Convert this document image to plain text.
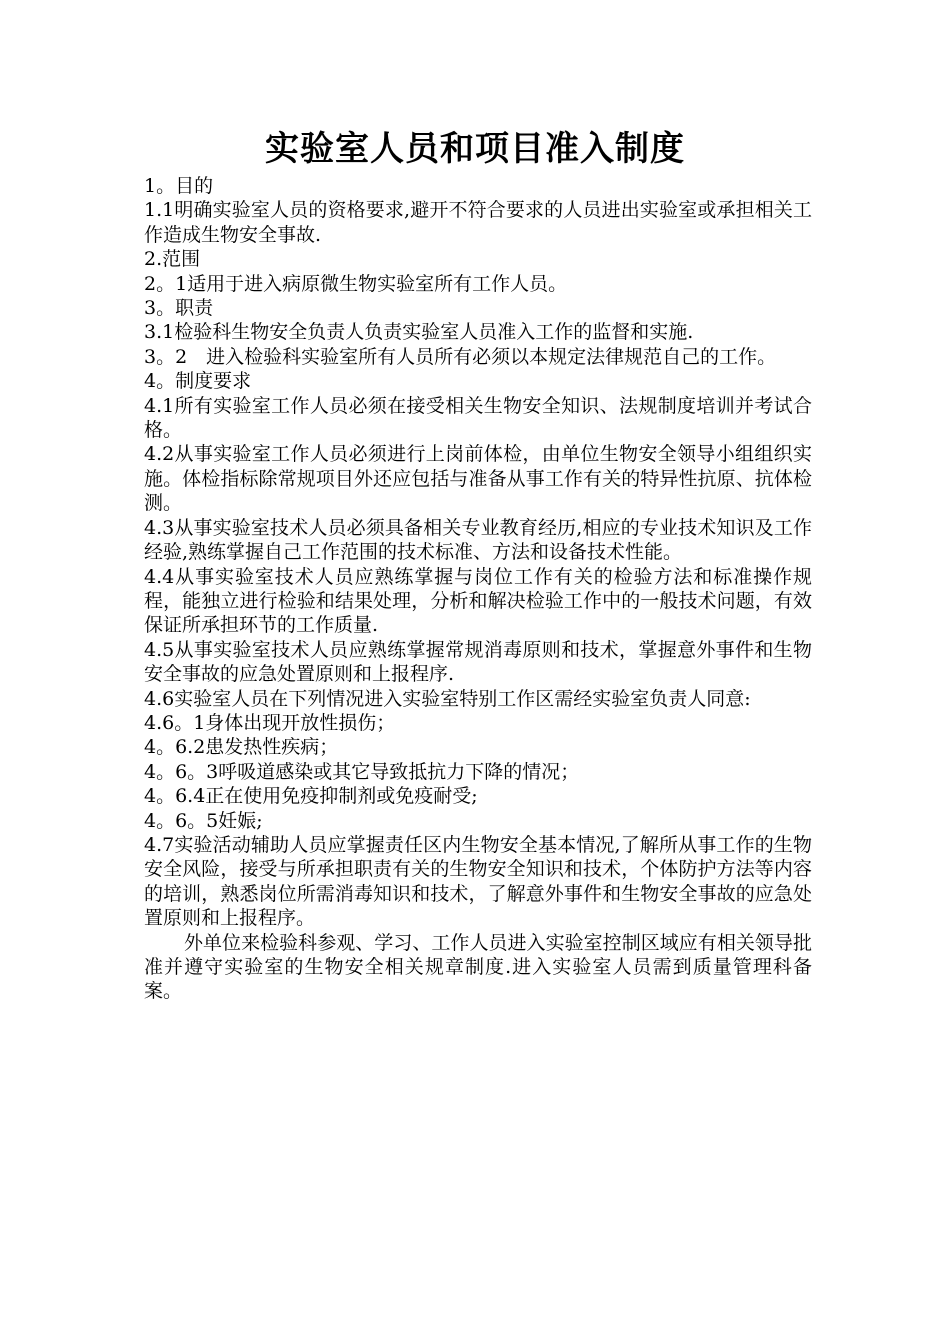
实验室人员和项目准入制度

1。目的

1.1明确实验室人员的资格要求,避开不符合要求的人员进出实验室或承担相关工作造成生物安全事故.

2.范围

2。1适用于进入病原微生物实验室所有工作人员。

3。职责

3.1检验科生物安全负责人负责实验室人员准入工作的监督和实施.

3。2　进入检验科实验室所有人员所有必须以本规定法律规范自己的工作。

4。制度要求

4.1所有实验室工作人员必须在接受相关生物安全知识、法规制度培训并考试合格。

4.2从事实验室工作人员必须进行上岗前体检，由单位生物安全领导小组组织实施。体检指标除常规项目外还应包括与准备从事工作有关的特异性抗原、抗体检测。

4.3从事实验室技术人员必须具备相关专业教育经历,相应的专业技术知识及工作经验,熟练掌握自己工作范围的技术标准、方法和设备技术性能。

4.4从事实验室技术人员应熟练掌握与岗位工作有关的检验方法和标准操作规程，能独立进行检验和结果处理，分析和解决检验工作中的一般技术问题，有效保证所承担环节的工作质量.

4.5从事实验室技术人员应熟练掌握常规消毒原则和技术，掌握意外事件和生物安全事故的应急处置原则和上报程序.

4.6实验室人员在下列情况进入实验室特别工作区需经实验室负责人同意:

4.6。1身体出现开放性损伤；

4。6.2患发热性疾病；

4。6。3呼吸道感染或其它导致抵抗力下降的情况；

4。6.4正在使用免疫抑制剂或免疫耐受;

4。6。5妊娠;

4.7实验活动辅助人员应掌握责任区内生物安全基本情况,了解所从事工作的生物安全风险，接受与所承担职责有关的生物安全知识和技术，个体防护方法等内容的培训，熟悉岗位所需消毒知识和技术，了解意外事件和生物安全事故的应急处置原则和上报程序。

外单位来检验科参观、学习、工作人员进入实验室控制区域应有相关领导批准并遵守实验室的生物安全相关规章制度.进入实验室人员需到质量管理科备案。
